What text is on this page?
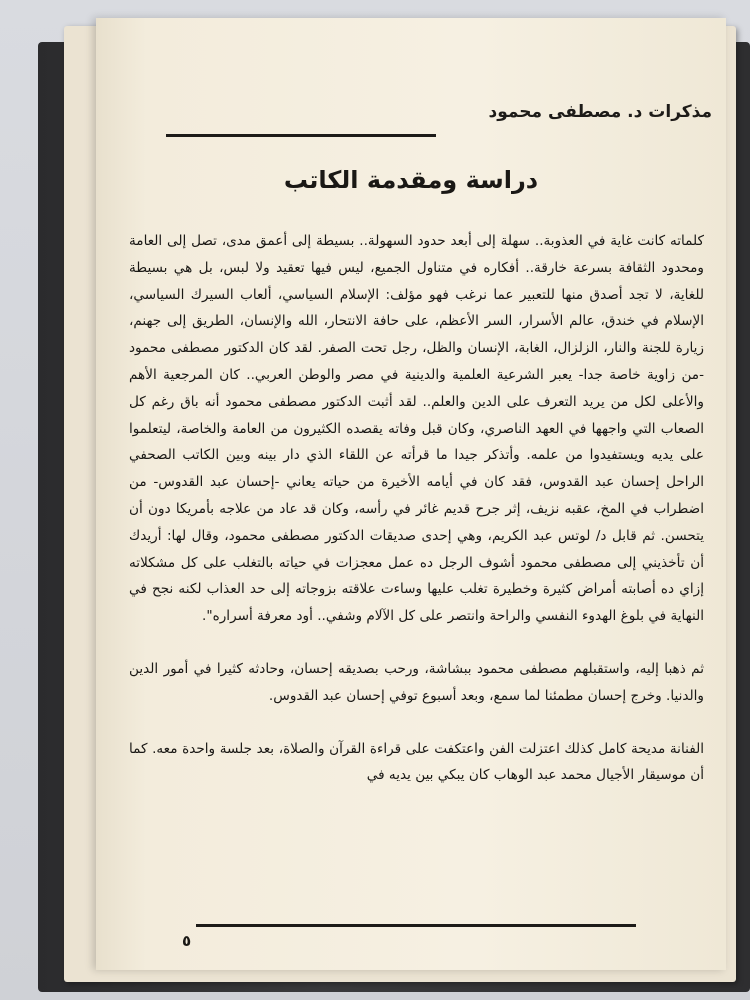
مذكرات د. مصطفى محمود
دراسة ومقدمة الكاتب

كلماته كانت غاية في العذوبة.. سهلة إلى أبعد حدود السهولة.. بسيطة إلى أعمق مدى، تصل إلى العامة ومحدود الثقافة بسرعة خارقة.. أفكاره في متناول الجميع، ليس فيها تعقيد ولا لبس، بل هي بسيطة للغاية، لا تجد أصدق منها للتعبير عما نرغب فهو مؤلف: الإسلام السياسي، ألعاب السيرك السياسي، الإسلام في خندق، عالم الأسرار، السر الأعظم، على حافة الانتحار، الله والإنسان، الطريق إلى جهنم، زيارة للجنة والنار، الزلزال، الغابة، الإنسان والظل، رجل تحت الصفر. لقد كان الدكتور مصطفى محمود -من زاوية خاصة جدا- يعبر الشرعية العلمية والدينية في مصر والوطن العربي.. كان المرجعية الأهم والأعلى لكل من يريد التعرف على الدين والعلم.. لقد أثبت الدكتور مصطفى محمود أنه باق رغم كل الصعاب التي واجهها في العهد الناصري، وكان قبل وفاته يقصده الكثيرون من العامة والخاصة، ليتعلموا على يديه ويستفيدوا من علمه. وأتذكر جيدا ما قرأته عن اللقاء الذي دار بينه وبين الكاتب الصحفي الراحل إحسان عبد القدوس، فقد كان في أيامه الأخيرة من حياته يعاني -إحسان عبد القدوس- من اضطراب في المخ، عقبه نزيف، إثر جرح قديم غائر في رأسه، وكان قد عاد من علاجه بأمريكا دون أن يتحسن. ثم قابل د/ لوتس عبد الكريم، وهي إحدى صديقات الدكتور مصطفى محمود، وقال لها: أريدك أن تأخذيني إلى مصطفى محمود أشوف الرجل ده عمل معجزات في حياته بالتغلب على كل مشكلاته إزاي ده أصابته أمراض كثيرة وخطيرة تغلب عليها وساءت علاقته بزوجاته إلى حد العذاب لكنه نجح في النهاية في بلوغ الهدوء النفسي والراحة وانتصر على كل الآلام وشفي.. أود معرفة أسراره".

ثم ذهبا إليه، واستقبلهم مصطفى محمود ببشاشة، ورحب بصديقه إحسان، وحادثه كثيرا في أمور الدين والدنيا. وخرج إحسان مطمئنا لما سمع، وبعد أسبوع توفي إحسان عبد القدوس.

الفنانة مديحة كامل كذلك اعتزلت الفن واعتكفت على قراءة القرآن والصلاة، بعد جلسة واحدة معه. كما أن موسيقار الأجيال محمد عبد الوهاب كان يبكي بين يديه في

٥
